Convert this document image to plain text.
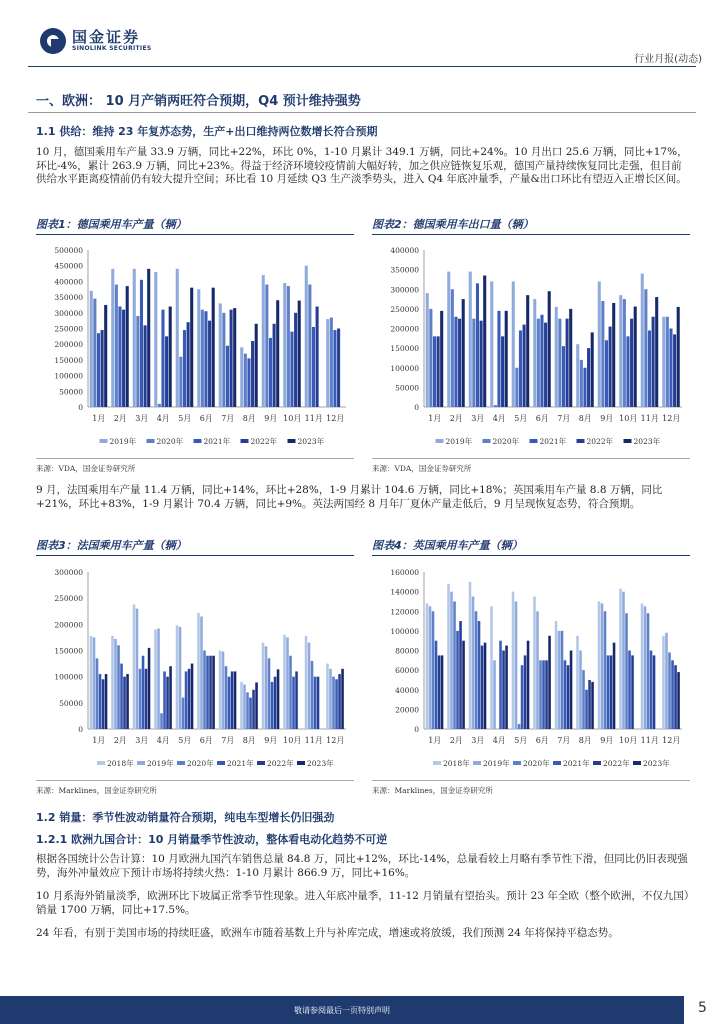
国金证券
SINOLINK SECURITIES
行业月报(动态)
一、欧洲： 10 月产销两旺符合预期，Q4 预计维持强势
1.1 供给：维持 23 年复苏态势，生产+出口维持两位数增长符合预期
10 月，德国乘用车产量 33.9 万辆，同比+22%，环比 0%，1-10 月累计 349.1 万辆，同比+24%。10 月出口 25.6 万辆，同比+17%，环比-4%，累计 263.9 万辆，同比+23%。得益于经济环境较疫情前大幅好转，加之供应链恢复乐观，德国产量持续恢复同比走强，但目前供给水平距离疫情前仍有较大提升空间；环比看 10 月延续 Q3 生产淡季势头，进入 Q4 年底冲量季，产量&出口环比有望迈入正增长区间。
图表1：德国乘用车产量（辆）	图表2：德国乘用车出口量（辆）
0
50000
100000
150000
200000
250000
300000
350000
400000
450000
500000
1月 2月 3月 4月 5月 6月 7月 8月 9月 10月 11月 12月
2019年	2020年	2021年	2022年	2023年
0
50000
100000
150000
200000
250000
300000
350000
400000
1月 2月 3月 4月 5月 6月 7月 8月 9月 10月 11月 12月
2019年	2020年	2021年	2022年	2023年
来源：VDA，国金证券研究所	来源：VDA，国金证券研究所
9 月，法国乘用车产量 11.4 万辆，同比+14%，环比+28%，1-9 月累计 104.6 万辆，同比+18%；英国乘用车产量 8.8 万辆，同比+21%，环比+83%，1-9 月累计 70.4 万辆，同比+9%。英法两国经 8 月年厂夏休产量走低后，9 月呈现恢复态势，符合预期。
图表3：法国乘用车产量（辆）	图表4：英国乘用车产量（辆）
0
50000
100000
150000
200000
250000
300000
1月 2月 3月 4月 5月 6月 7月 8月 9月 10月 11月 12月
2018年 2019年 2020年 2021年 2022年 2023年
0
20000
40000
60000
80000
100000
120000
140000
160000
1月 2月 3月 4月 5月 6月 7月 8月 9月 10月 11月 12月
2018年 2019年 2020年 2021年 2022年 2023年
来源：Marklines，国金证券研究所	来源：Marklines，国金证券研究所
1.2 销量：季节性波动销量符合预期，纯电车型增长仍旧强劲
1.2.1 欧洲九国合计：10 月销量季节性波动，整体看电动化趋势不可逆
根据各国统计公告计算：10 月欧洲九国汽车销售总量 84.8 万，同比+12%，环比-14%，总量看较上月略有季节性下滑，但同比仍旧表现强势，海外冲量效应下预计市场将持续火热：1-10 月累计 866.9 万，同比+16%。
10 月系海外销量淡季，欧洲环比下坡属正常季节性现象。进入年底冲量季，11-12 月销量有望抬头。预计 23 年全欧（整个欧洲，不仅九国）销量 1700 万辆，同比+17.5%。
24 年看，有别于美国市场的持续旺盛，欧洲车市随着基数上升与补库完成，增速或将放缓，我们预测 24 年将保持平稳态势。
敬请参阅最后一页特别声明	5
